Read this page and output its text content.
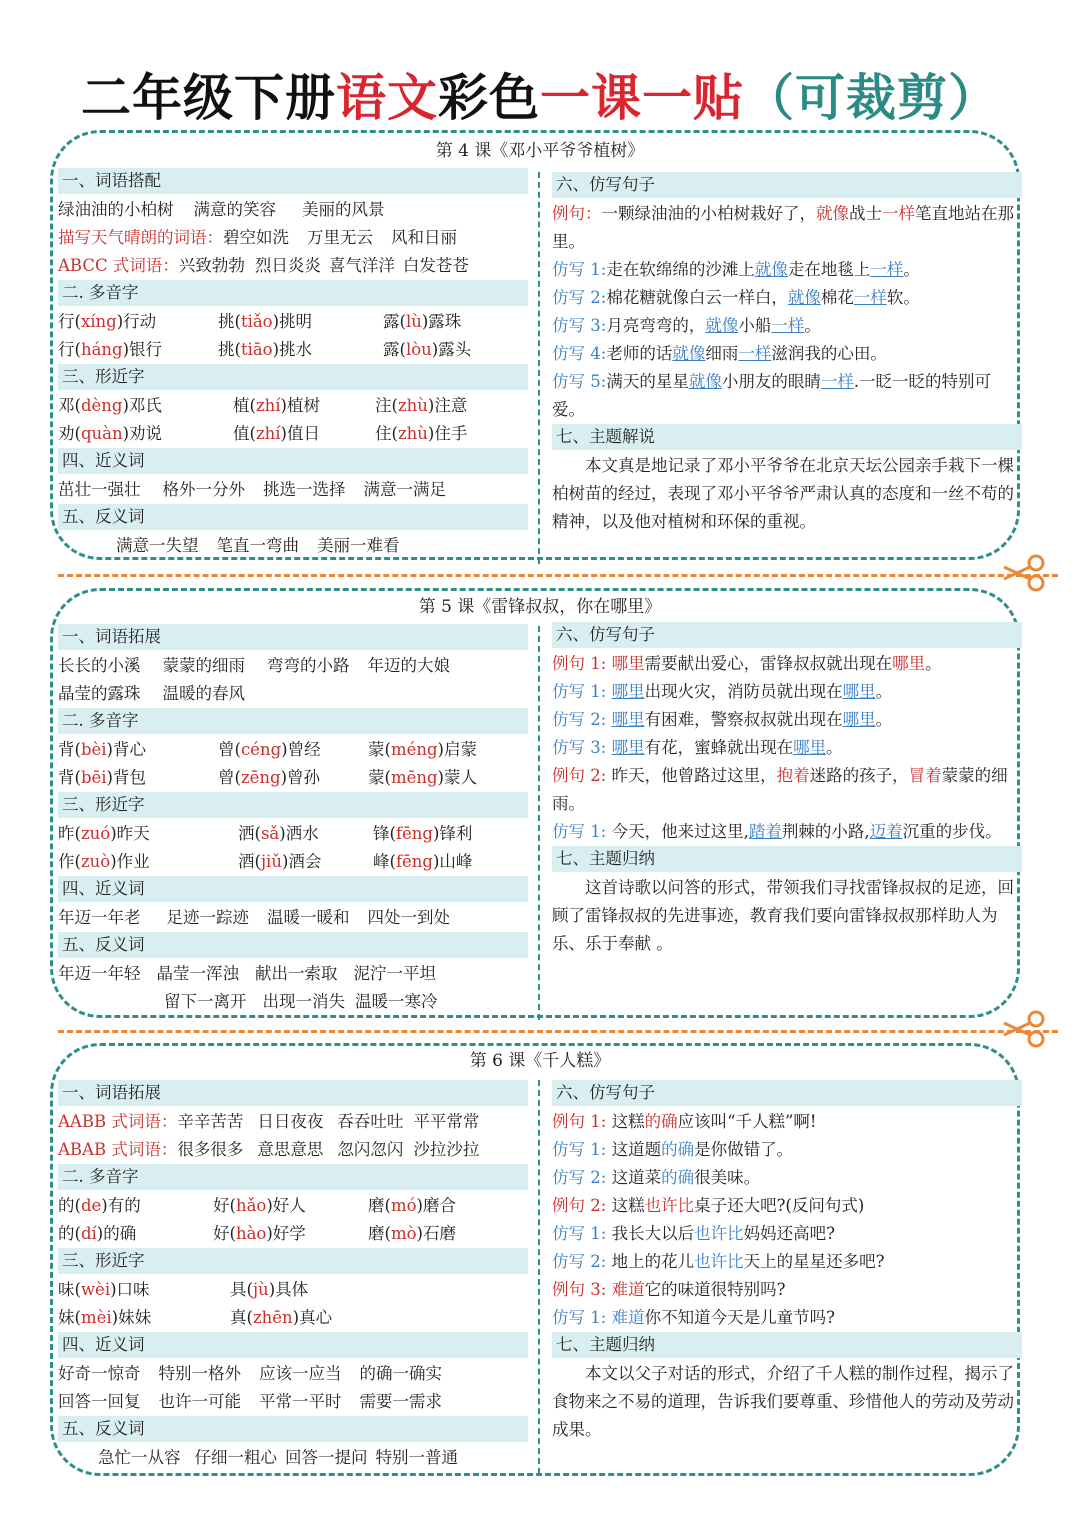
二年级下册语文彩色一课一贴（可裁剪）
第 4 课《邓小平爷爷植树》
一、词语搭配
绿油油的小柏树 满意的笑容 美丽的风景
描写天气晴朗的词语：碧空如洗 万里无云 风和日丽
ABCC 式词语：兴致勃勃 烈日炎炎 喜气洋洋 白发苍苍
二. 多音字
行(xíng)行动	挑(tiǎo)挑明	露(lù)露珠
行(háng)银行	挑(tiāo)挑水	露(lòu)露头
三、形近字
邓(dèng)邓氏	植(zhí)植树	注(zhù)注意
劝(quàn)劝说	值(zhí)值日	住(zhù)住手
四、近义词
茁壮一强壮 格外一分外 挑选一选择 满意一满足
五、反义词
满意一失望 笔直一弯曲 美丽一难看
六、仿写句子
例句：一颗绿油油的小柏树栽好了，就像战士一样笔直地站在那里。
仿写 1:走在软绵绵的沙滩上就像走在地毯上一样。
仿写 2:棉花糖就像白云一样白，就像棉花一样软。
仿写 3:月亮弯弯的，就像小船一样。
仿写 4:老师的话就像细雨一样滋润我的心田。
仿写 5:满天的星星就像小朋友的眼睛一样.一眨一眨的特别可爱。
七、主题解说
本文真是地记录了邓小平爷爷在北京天坛公园亲手栽下一棵柏树苗的经过，表现了邓小平爷爷严肃认真的态度和一丝不苟的精神，以及他对植树和环保的重视。
第 5 课《雷锋叔叔，你在哪里》
一、词语拓展
长长的小溪 蒙蒙的细雨 弯弯的小路 年迈的大娘
晶莹的露珠 温暖的春风
二. 多音字
背(bèi)背心	曾(céng)曾经	蒙(méng)启蒙
背(bēi)背包	曾(zēng)曾孙	蒙(mēng)蒙人
三、形近字
昨(zuó)昨天	洒(sǎ)洒水	锋(fēng)锋利
作(zuò)作业	酒(jiǔ)酒会	峰(fēng)山峰
四、近义词
年迈一年老 足迹一踪迹 温暖一暖和 四处一到处
五、反义词
年迈一年轻 晶莹一浑浊 献出一索取 泥泞一平坦
留下一离开 出现一消失 温暖一寒冷
六、仿写句子
例句 1: 哪里需要献出爱心，雷锋叔叔就出现在哪里。
仿写 1: 哪里出现火灾，消防员就出现在哪里。
仿写 2: 哪里有困难，警察叔叔就出现在哪里。
仿写 3: 哪里有花，蜜蜂就出现在哪里。
例句 2: 昨天，他曾路过这里，抱着迷路的孩子，冒着蒙蒙的细雨。
仿写 1: 今天，他来过这里,踏着荆棘的小路,迈着沉重的步伐。
七、主题归纳
这首诗歌以问答的形式，带领我们寻找雷锋叔叔的足迹，回顾了雷锋叔叔的先进事迹，教育我们要向雷锋叔叔那样助人为乐、乐于奉献 。
第 6 课《千人糕》
一、词语拓展
AABB 式词语：辛辛苦苦 日日夜夜 吞吞吐吐 平平常常
ABAB 式词语：很多很多 意思意思 忽闪忽闪 沙拉沙拉
二. 多音字
的(de)有的	好(hǎo)好人	磨(mó)磨合
的(dí)的确	好(hào)好学	磨(mò)石磨
三、形近字
味(wèi)口味	具(jù)具体
妹(mèi)妹妹	真(zhēn)真心
四、近义词
好奇一惊奇 特别一格外 应该一应当 的确一确实
回答一回复 也许一可能 平常一平时 需要一需求
五、反义词
急忙一从容 仔细一粗心 回答一提问 特别一普通
六、仿写句子
例句 1: 这糕的确应该叫“千人糕”啊!
仿写 1: 这道题的确是你做错了。
仿写 2: 这道菜的确很美味。
例句 2: 这糕也许比桌子还大吧?(反问句式)
仿写 1: 我长大以后也许比妈妈还高吧?
仿写 2: 地上的花儿也许比天上的星星还多吧?
例句 3: 难道它的味道很特别吗?
仿写 1: 难道你不知道今天是儿童节吗?
七、主题归纳
本文以父子对话的形式，介绍了千人糕的制作过程，揭示了食物来之不易的道理，告诉我们要尊重、珍惜他人的劳动及劳动成果。
